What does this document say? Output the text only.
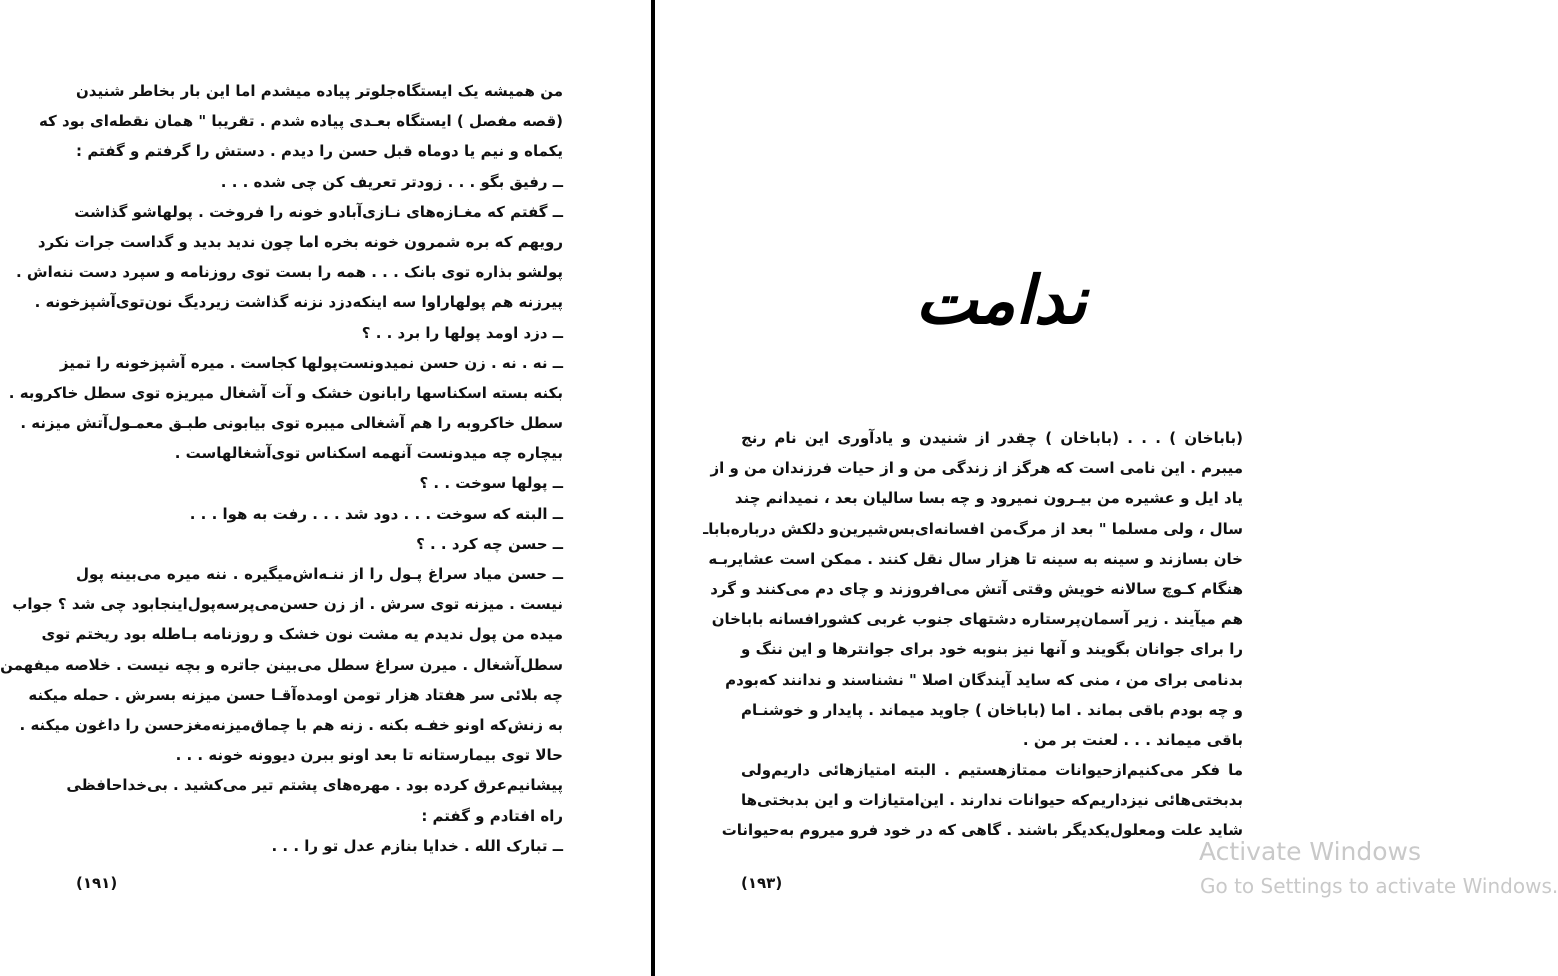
من همیشه یک ایستگاه‌جلوتر پیاده میشدم اما این بار بخاطر شنیدن
(قصه مفصل ) ایستگاه بعـدی پیاده شدم . تقریبا " همان نقطه‌ای بود که
یکماه و نیم یا دوماه قبل حسن را دیدم . دستش را گرفتم و گفتم :
ــ رفیق بگو . . . زودتر تعریف کن چی شده . . .
ــ گفتم که مغـازه‌های نـازی‌آبادو خونه را فروخت . پولهاشو گذاشت
رویهم که بره شمرون خونه بخره اما چون ندید بدید و گداست جرات نکرد
پولشو بذاره توی بانک . . . همه را بست توی روزنامه و سپرد دست ننه‌اش .
پیرزنه هم پولهاراوا سه اینکه‌دزد نزنه گذاشت زیردیگ نون‌توی‌آشپزخونه .
ــ دزد اومد پولها را برد . . ؟
ــ نه . نه . زن حسن نمیدونست‌پولها کجاست . میره آشپزخونه را تمیز
بکنه بسته اسکناسها را‌بانون خشک و آت آشغال میریزه توی سطل خاکروبه .
سطل خاکروبه را هم آشغالی میبره توی بیابونی طبـق معمـول‌آتش میزنه .
بیچاره چه میدونست آنهمه اسکناس توی‌آشغالهاست .
ــ پولها سوخت . . ؟
ــ البته که سوخت . . . دود شد . . . رفت به هوا . . .
ــ حسن چه کرد . . ؟
ــ حسن میاد سراغ پـول را از ننـه‌اش‌میگیره . ننه میره می‌بینه پول
نیست . میزنه توی سرش . از زن حسن‌می‌پرسه‌پول‌اینجابود چی شد ؟ جواب
میده من پول ندیدم یه مشت نون خشک و روزنامه بـاطله بود ریختم توی
سطل‌آشغال . میرن سراغ سطل می‌بینن جاتره و بچه نیست . خلاصه میفهمن
چه بلائی سر هفتاد هزار تومن اومده‌آقـا حسن میزنه بسرش . حمله میکنه
به زنش‌که اونو خفـه بکنه . زنه هم با چماق‌میزنه‌مغزحسن را داغون میکنه .
حالا توی بیمارستانه تا بعد اونو ببرن دیوونه خونه . . .
پیشانیم‌عرق کرده بود . مهره‌های پشتم تیر می‌کشید . بی‌خداحافظی
راه افتادم و گفتم :
ــ تبارک الله . خدایا بنازم عدل تو را . . .
(۱۹۱)
ندامت
(باباخان ) . . . (باباخان ) چقدر از شنیدن و یادآوری این نام رنج
میبرم . این نامی است که هرگز از زندگی من و از حیات فرزندان من و از
یاد ایل و عشیره من بیـرون نمیرود و چه بسا سالیان بعد ، نمیدانم چند
سال ، ولی مسلما " بعد از مرگ‌من افسانه‌ای‌بس‌شیرین‌و دلکش درباره‌باباـ
خان بسازند و سینه به سینه تا هزار سال نقل کنند . ممکن است عشایربـه
هنگام کـوچ سالانه خویش وقتی آتش می‌افروزند و چای دم می‌کنند و گرد
هم میآیند . زیر آسمان‌پرستاره دشتهای جنوب غربی کشورافسانه باباخان
را برای جوانان بگویند و آنها نیز بنوبه خود برای جوانترها و این ننگ و
بدنامی برای من ، منی که ساید آیندگان اصلا " نشناسند و ندانند که‌بودم
و چه بودم باقی بماند . اما (باباخان ) جاوید میماند . پایدار و خوشنـام
باقی میماند . . . لعنت بر من .
ما فکر می‌کنیم‌ازحیوانات ممتازهستیم . البته امتیازهائی داریم‌ولی
بدبختی‌هائی نیزداریم‌که حیوانات ندارند . این‌امتیازات و این بدبختی‌ها
شاید علت ومعلول‌یکدیگر باشند . گاهی که در خود فرو میروم به‌حیوانات
(۱۹۳)
Activate Windows
Go to Settings to activate Windows.
